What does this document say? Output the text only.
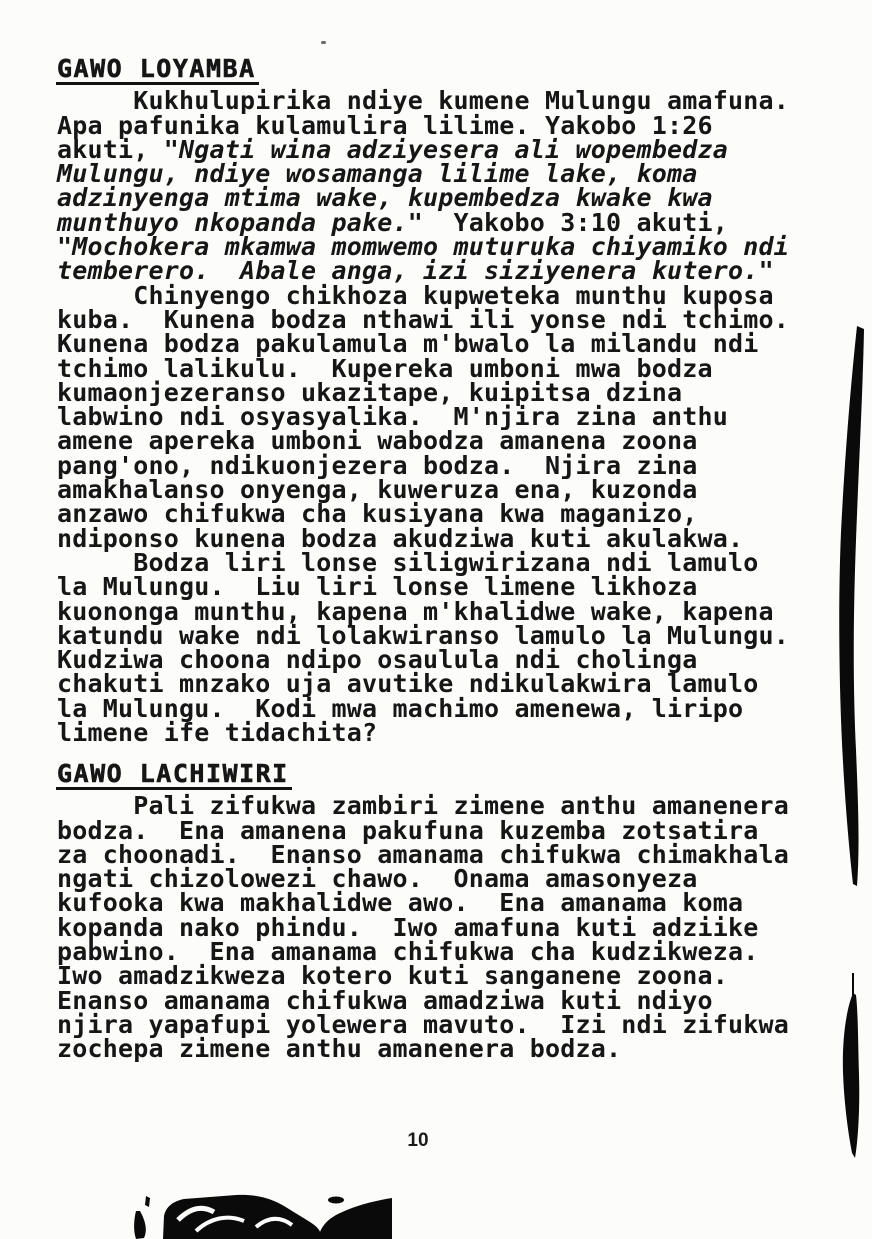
GAWO LOYAMBA
Kukhulupirika ndiye kumene Mulungu amafuna.
Apa pafunika kulamulira lilime. Yakobo 1:26
akuti, "Ngati wina adziyesera ali wopembedza
Mulungu, ndiye wosamanga lilime lake, koma
adzinyenga mtima wake, kupembedza kwake kwa
munthuyo nkopanda pake."  Yakobo 3:10 akuti,
"Mochokera mkamwa momwemo muturuka chiyamiko ndi
temberero.  Abale anga, izi siziyenera kutero."
Chinyengo chikhoza kupweteka munthu kuposa
kuba.  Kunena bodza nthawi ili yonse ndi tchimo.
Kunena bodza pakulamula m'bwalo la milandu ndi
tchimo lalikulu.  Kupereka umboni mwa bodza
kumaonjezeranso ukazitape, kuipitsa dzina
labwino ndi osyasyalika.  M'njira zina anthu
amene apereka umboni wabodza amanena zoona
pang'ono, ndikuonjezera bodza.  Njira zina
amakhalanso onyenga, kuweruza ena, kuzonda
anzawo chifukwa cha kusiyana kwa maganizo,
ndiponso kunena bodza akudziwa kuti akulakwa.
Bodza liri lonse siligwirizana ndi lamulo
la Mulungu.  Liu liri lonse limene likhoza
kuononga munthu, kapena m'khalidwe wake, kapena
katundu wake ndi lolakwiranso lamulo la Mulungu.
Kudziwa choona ndipo osaulula ndi cholinga
chakuti mnzako uja avutike ndikulakwira lamulo
la Mulungu.  Kodi mwa machimo amenewa, liripo
limene ife tidachita?
GAWO LACHIWIRI
Pali zifukwa zambiri zimene anthu amanenera
bodza.  Ena amanena pakufuna kuzemba zotsatira
za choonadi.  Enanso amanama chifukwa chimakhala
ngati chizolowezi chawo.  Onama amasonyeza
kufooka kwa makhalidwe awo.  Ena amanama koma
kopanda nako phindu.  Iwo amafuna kuti adziike
pabwino.  Ena amanama chifukwa cha kudzikweza.
Iwo amadzikweza kotero kuti sanganene zoona.
Enanso amanama chifukwa amadziwa kuti ndiyo
njira yapafupi yolewera mavuto.  Izi ndi zifukwa
zochepa zimene anthu amanenera bodza.
10
